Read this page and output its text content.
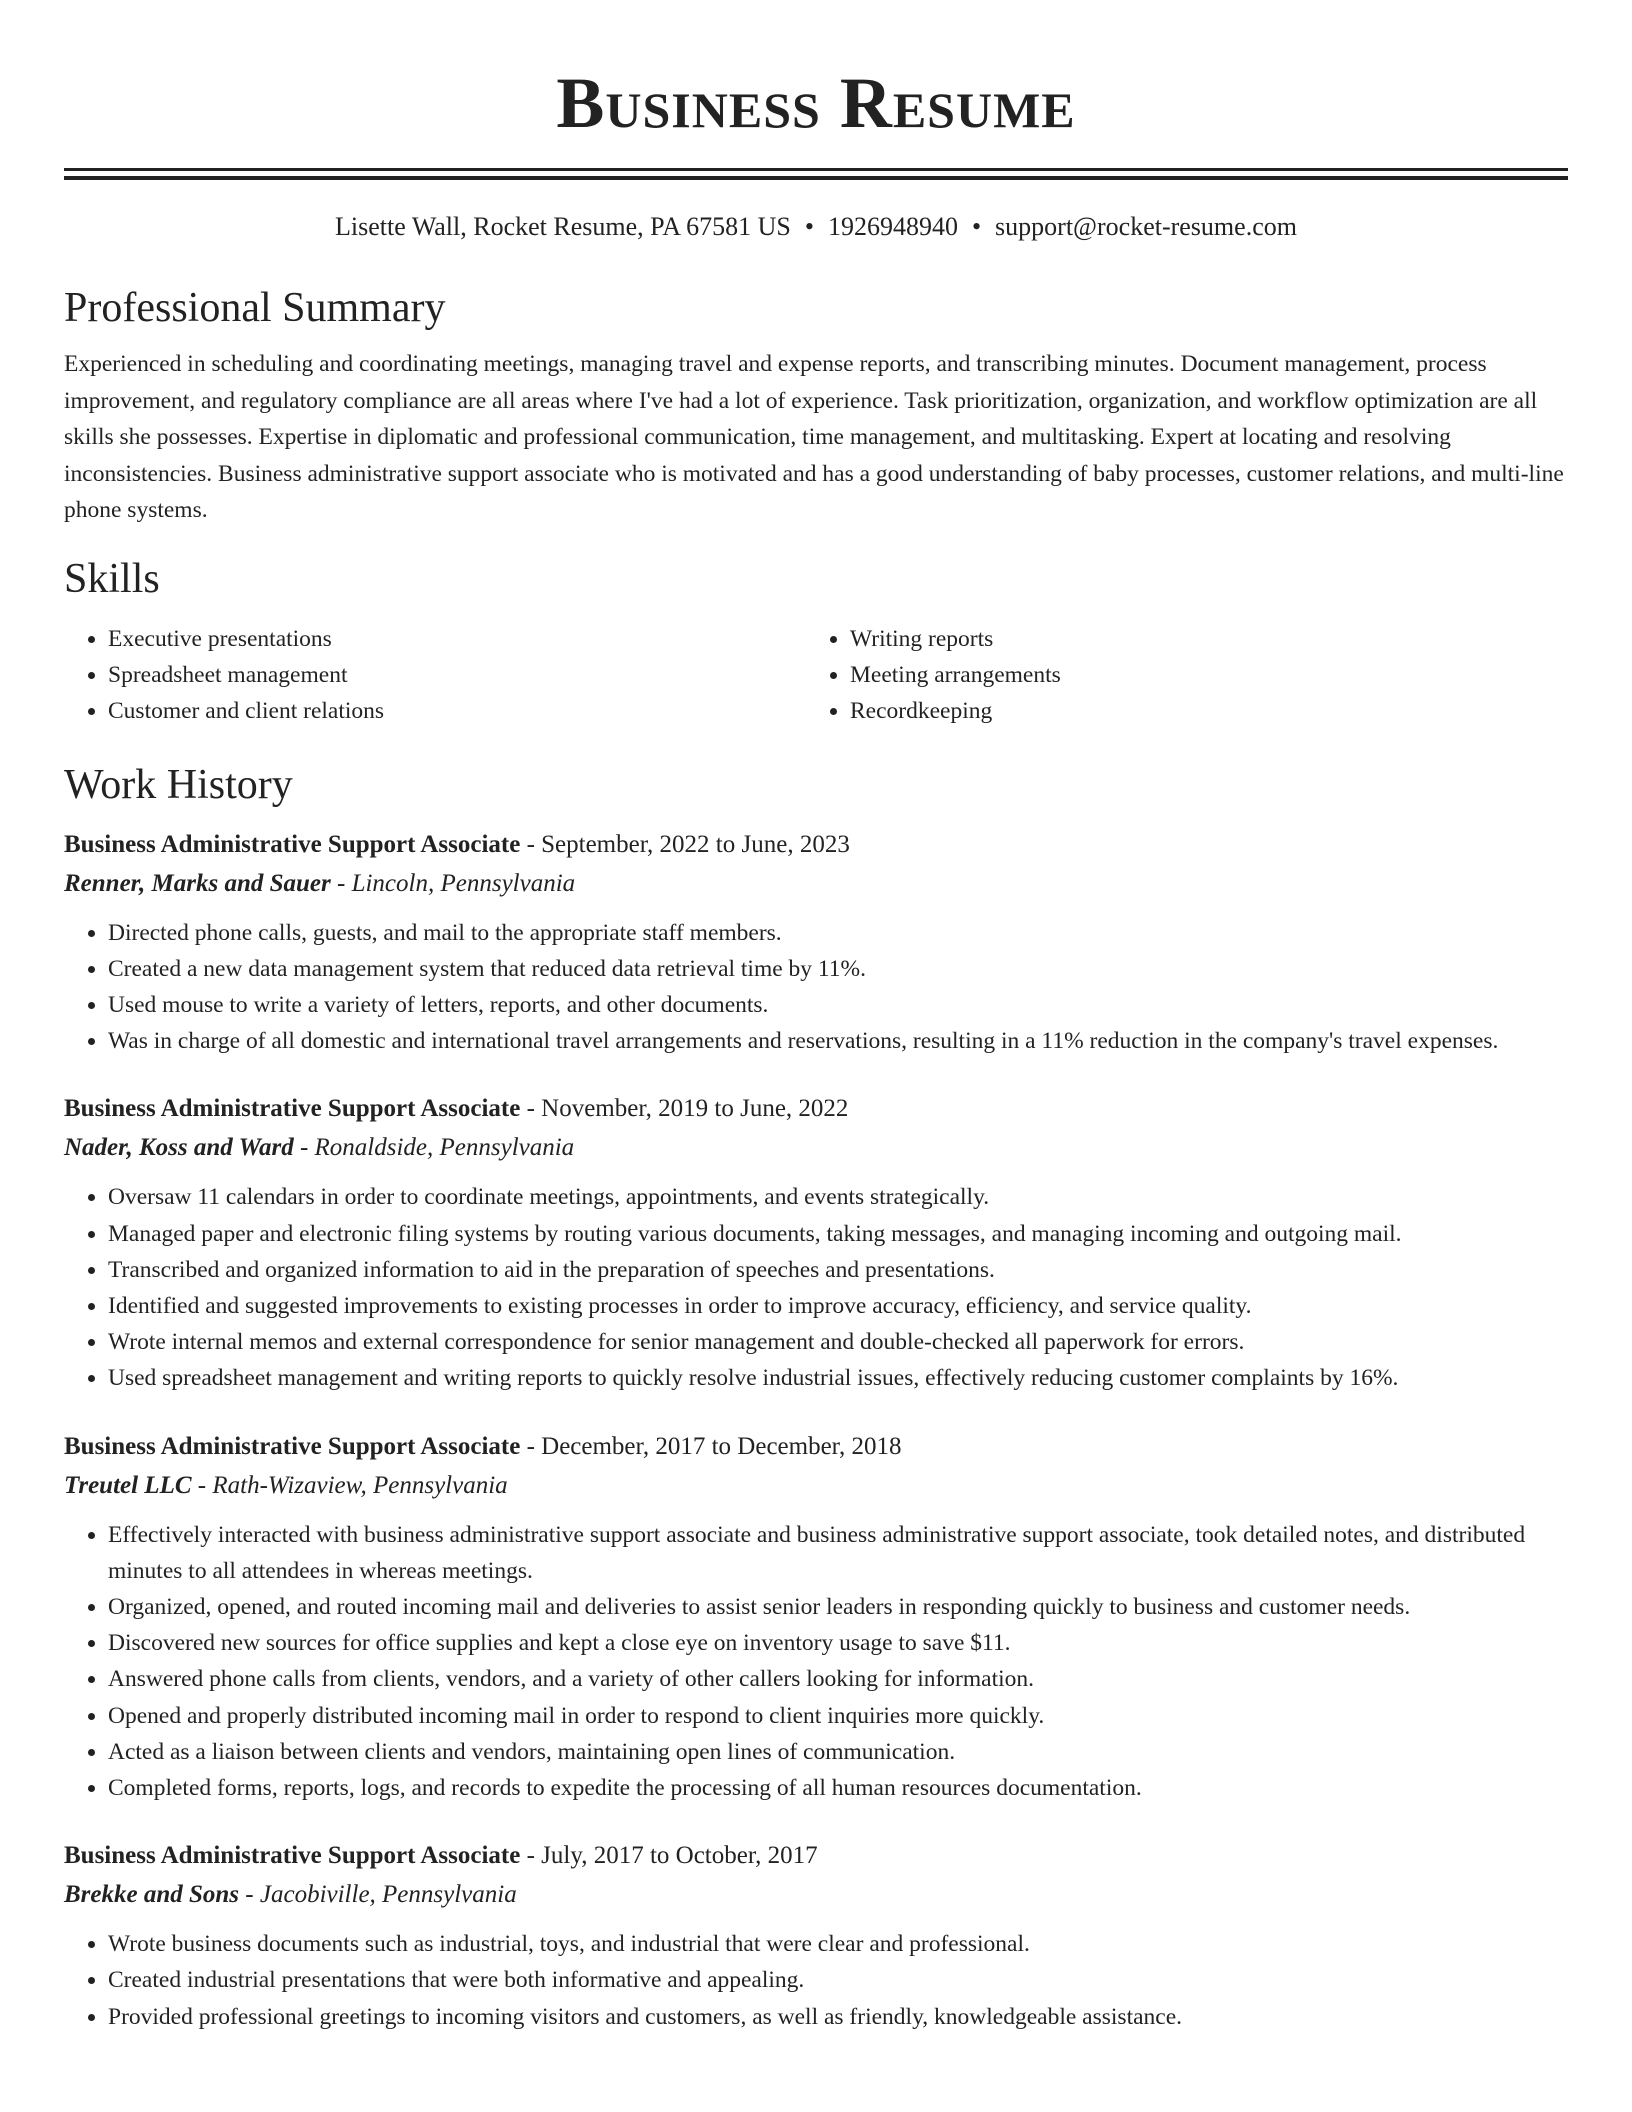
Business Resume
Lisette Wall, Rocket Resume, PA 67581 US • 1926948940 • support@rocket-resume.com
Professional Summary

Experienced in scheduling and coordinating meetings, managing travel and expense reports, and transcribing minutes. Document management, process improvement, and regulatory compliance are all areas where I've had a lot of experience. Task prioritization, organization, and workflow optimization are all skills she possesses. Expertise in diplomatic and professional communication, time management, and multitasking. Expert at locating and resolving inconsistencies. Business administrative support associate who is motivated and has a good understanding of baby processes, customer relations, and multi-line phone systems.

Skills
• Executive presentations
• Spreadsheet management
• Customer and client relations
• Writing reports
• Meeting arrangements
• Recordkeeping
Work History
Business Administrative Support Associate - September, 2022 to June, 2023
Renner, Marks and Sauer - Lincoln, Pennsylvania
• Directed phone calls, guests, and mail to the appropriate staff members.
• Created a new data management system that reduced data retrieval time by 11%.
• Used mouse to write a variety of letters, reports, and other documents.
• Was in charge of all domestic and international travel arrangements and reservations, resulting in a 11% reduction in the company's travel expenses.
Business Administrative Support Associate - November, 2019 to June, 2022
Nader, Koss and Ward - Ronaldside, Pennsylvania
• Oversaw 11 calendars in order to coordinate meetings, appointments, and events strategically.
• Managed paper and electronic filing systems by routing various documents, taking messages, and managing incoming and outgoing mail.
• Transcribed and organized information to aid in the preparation of speeches and presentations.
• Identified and suggested improvements to existing processes in order to improve accuracy, efficiency, and service quality.
• Wrote internal memos and external correspondence for senior management and double-checked all paperwork for errors.
• Used spreadsheet management and writing reports to quickly resolve industrial issues, effectively reducing customer complaints by 16%.
Business Administrative Support Associate - December, 2017 to December, 2018
Treutel LLC - Rath-Wizaview, Pennsylvania
• Effectively interacted with business administrative support associate and business administrative support associate, took detailed notes, and distributed minutes to all attendees in whereas meetings.
• Organized, opened, and routed incoming mail and deliveries to assist senior leaders in responding quickly to business and customer needs.
• Discovered new sources for office supplies and kept a close eye on inventory usage to save $11.
• Answered phone calls from clients, vendors, and a variety of other callers looking for information.
• Opened and properly distributed incoming mail in order to respond to client inquiries more quickly.
• Acted as a liaison between clients and vendors, maintaining open lines of communication.
• Completed forms, reports, logs, and records to expedite the processing of all human resources documentation.
Business Administrative Support Associate - July, 2017 to October, 2017
Brekke and Sons - Jacobiville, Pennsylvania
• Wrote business documents such as industrial, toys, and industrial that were clear and professional.
• Created industrial presentations that were both informative and appealing.
• Provided professional greetings to incoming visitors and customers, as well as friendly, knowledgeable assistance.
